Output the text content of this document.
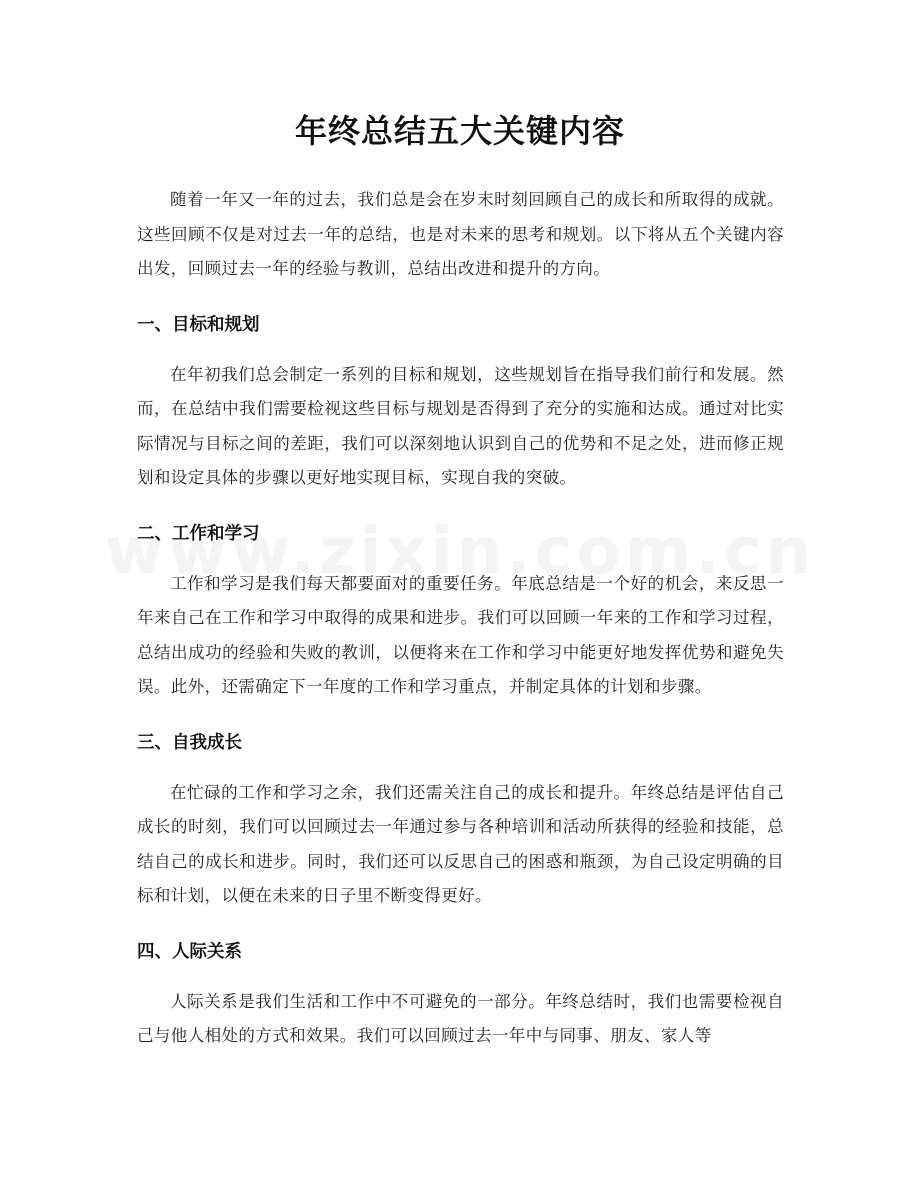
年终总结五大关键内容

随着一年又一年的过去，我们总是会在岁末时刻回顾自己的成长和所取得的成就。这些回顾不仅是对过去一年的总结，也是对未来的思考和规划。以下将从五个关键内容出发，回顾过去一年的经验与教训，总结出改进和提升的方向。

一、目标和规划

在年初我们总会制定一系列的目标和规划，这些规划旨在指导我们前行和发展。然而，在总结中我们需要检视这些目标与规划是否得到了充分的实施和达成。通过对比实际情况与目标之间的差距，我们可以深刻地认识到自己的优势和不足之处，进而修正规划和设定具体的步骤以更好地实现目标，实现自我的突破。

二、工作和学习

工作和学习是我们每天都要面对的重要任务。年底总结是一个好的机会，来反思一年来自己在工作和学习中取得的成果和进步。我们可以回顾一年来的工作和学习过程，总结出成功的经验和失败的教训，以便将来在工作和学习中能更好地发挥优势和避免失误。此外，还需确定下一年度的工作和学习重点，并制定具体的计划和步骤。

三、自我成长

在忙碌的工作和学习之余，我们还需关注自己的成长和提升。年终总结是评估自己成长的时刻，我们可以回顾过去一年通过参与各种培训和活动所获得的经验和技能，总结自己的成长和进步。同时，我们还可以反思自己的困惑和瓶颈，为自己设定明确的目标和计划，以便在未来的日子里不断变得更好。

四、人际关系

人际关系是我们生活和工作中不可避免的一部分。年终总结时，我们也需要检视自己与他人相处的方式和效果。我们可以回顾过去一年中与同事、朋友、家人等
